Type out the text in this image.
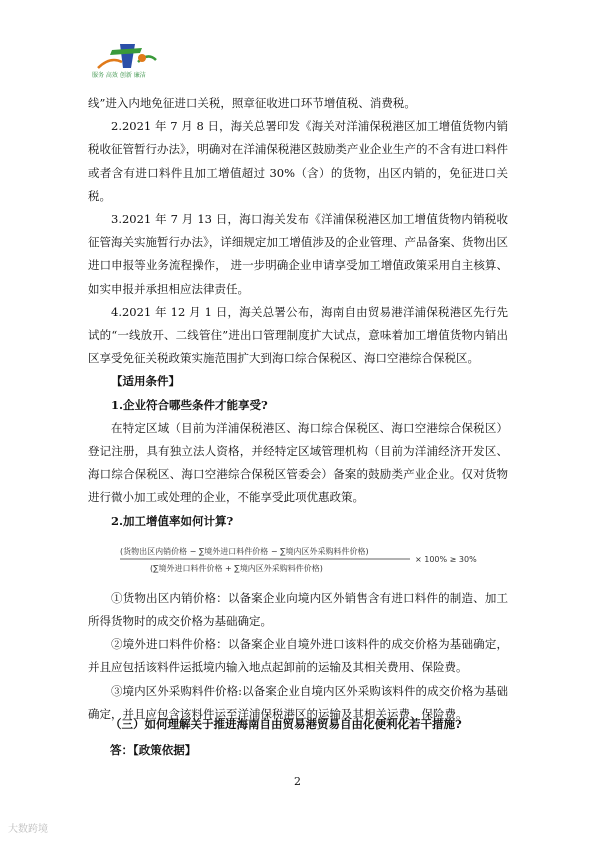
服务 高效 创新 廉洁

线”进入内地免征进口关税，照章征收进口环节增值税、消费税。

2.2021 年 7 月 8 日，海关总署印发《海关对洋浦保税港区加工增值货物内销税收征管暂行办法》，明确对在洋浦保税港区鼓励类产业企业生产的不含有进口料件或者含有进口料件且加工增值超过 30%（含）的货物，出区内销的，免征进口关税。

3.2021 年 7 月 13 日，海口海关发布《洋浦保税港区加工增值货物内销税收征管海关实施暂行办法》，详细规定加工增值涉及的企业管理、产品备案、货物出区进口申报等业务流程操作， 进一步明确企业申请享受加工增值政策采用自主核算、如实申报并承担相应法律责任。

4.2021 年 12 月 1 日，海关总署公布，海南自由贸易港洋浦保税港区先行先试的“一线放开、二线管住”进出口管理制度扩大试点，意味着加工增值货物内销出区享受免征关税政策实施范围扩大到海口综合保税区、海口空港综合保税区。

【适用条件】

1.企业符合哪些条件才能享受?

在特定区域（目前为洋浦保税港区、海口综合保税区、海口空港综合保税区）登记注册，具有独立法人资格，并经特定区域管理机构（目前为洋浦经济开发区、海口综合保税区、海口空港综合保税区管委会）备案的鼓励类产业企业。仅对货物进行微小加工或处理的企业，不能享受此项优惠政策。

2.加工增值率如何计算?

(货物出区内销价格 − ∑境外进口料件价格 − ∑境内区外采购料件价格)
(∑境外进口料件价格 + ∑境内区外采购料件价格)
× 100% ≥ 30%

①货物出区内销价格：以备案企业向境内区外销售含有进口料件的制造、加工所得货物时的成交价格为基础确定。

②境外进口料件价格：以备案企业自境外进口该料件的成交价格为基础确定，并且应包括该料件运抵境内输入地点起卸前的运输及其相关费用、保险费。

③境内区外采购料件价格:以备案企业自境内区外采购该料件的成交价格为基础确定，并且应包含该料件运至洋浦保税港区的运输及其相关运费、保险费。

（三）如何理解关于推进海南自由贸易港贸易自由化便利化若干措施?
答：【政策依据】
2
大数跨境
